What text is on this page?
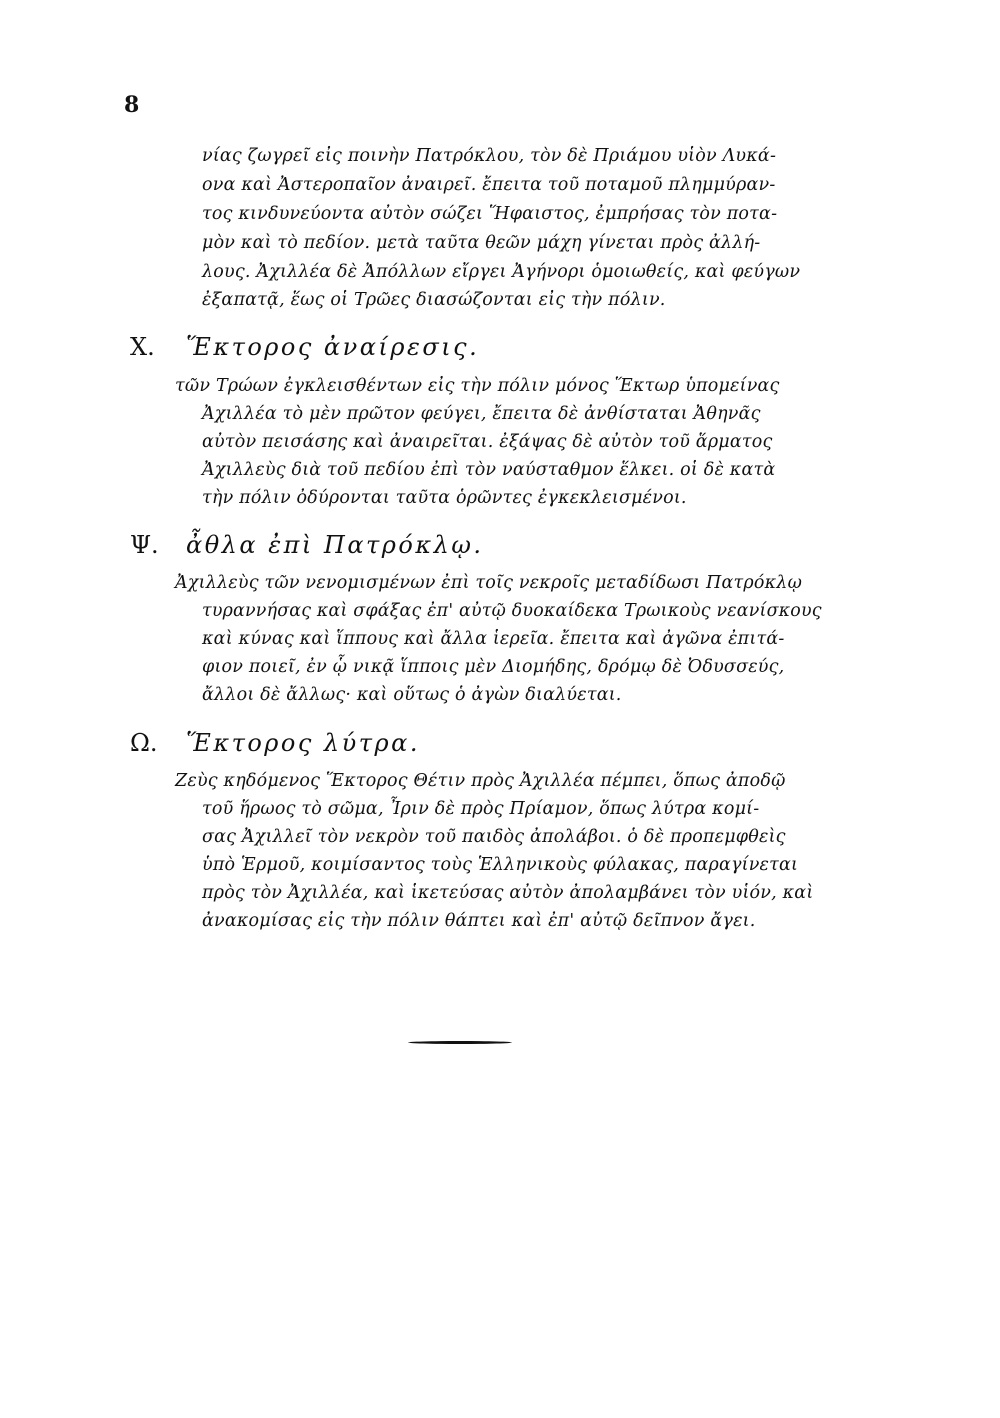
8
νίας ζωγρεῖ εἰς ποινὴν Πατρόκλου, τὸν δὲ Πριάμου υἱὸν Λυκά-
ονα καὶ Ἀστεροπαῖον ἀναιρεῖ. ἔπειτα τοῦ ποταμοῦ πλημμύραν-
τος κινδυνεύοντα αὐτὸν σώζει Ἥφαιστος, ἐμπρήσας τὸν ποτα-
μὸν καὶ τὸ πεδίον. μετὰ ταῦτα θεῶν μάχη γίνεται πρὸς ἀλλή-
λους. Ἀχιλλέα δὲ Ἀπόλλων εἴργει Ἀγήνορι ὁμοιωθείς, καὶ φεύγων
ἐξαπατᾷ, ἕως οἱ Τρῶες διασώζονται εἰς τὴν πόλιν.
Χ. Ἕκτορος ἀναίρεσις.
τῶν Τρώων ἐγκλεισθέντων εἰς τὴν πόλιν μόνος Ἕκτωρ ὑπομείνας
Ἀχιλλέα τὸ μὲν πρῶτον φεύγει, ἔπειτα δὲ ἀνθίσταται Ἀθηνᾶς
αὐτὸν πεισάσης καὶ ἀναιρεῖται. ἐξάψας δὲ αὐτὸν τοῦ ἅρματος
Ἀχιλλεὺς διὰ τοῦ πεδίου ἐπὶ τὸν ναύσταθμον ἕλκει. οἱ δὲ κατὰ
τὴν πόλιν ὀδύρονται ταῦτα ὁρῶντες ἐγκεκλεισμένοι.
Ψ. ἆθλα ἐπὶ Πατρόκλῳ.
Ἀχιλλεὺς τῶν νενομισμένων ἐπὶ τοῖς νεκροῖς μεταδίδωσι Πατρόκλῳ
τυραννήσας καὶ σφάξας ἐπ' αὐτῷ δυοκαίδεκα Τρωικοὺς νεανίσκους
καὶ κύνας καὶ ἵππους καὶ ἄλλα ἱερεῖα. ἔπειτα καὶ ἀγῶνα ἐπιτά-
φιον ποιεῖ, ἐν ᾧ νικᾷ ἵπποις μὲν Διομήδης, δρόμῳ δὲ Ὀδυσσεύς,
ἄλλοι δὲ ἄλλως· καὶ οὕτως ὁ ἀγὼν διαλύεται.
Ω. Ἕκτορος λύτρα.
Ζεὺς κηδόμενος Ἕκτορος Θέτιν πρὸς Ἀχιλλέα πέμπει, ὅπως ἀποδῷ
τοῦ ἥρωος τὸ σῶμα, Ἶριν δὲ πρὸς Πρίαμον, ὅπως λύτρα κομί-
σας Ἀχιλλεῖ τὸν νεκρὸν τοῦ παιδὸς ἀπολάβοι. ὁ δὲ προπεμφθεὶς
ὑπὸ Ἑρμοῦ, κοιμίσαντος τοὺς Ἑλληνικοὺς φύλακας, παραγίνεται
πρὸς τὸν Ἀχιλλέα, καὶ ἱκετεύσας αὐτὸν ἀπολαμβάνει τὸν υἱόν, καὶ
ἀνακομίσας εἰς τὴν πόλιν θάπτει καὶ ἐπ' αὐτῷ δεῖπνον ἄγει.
